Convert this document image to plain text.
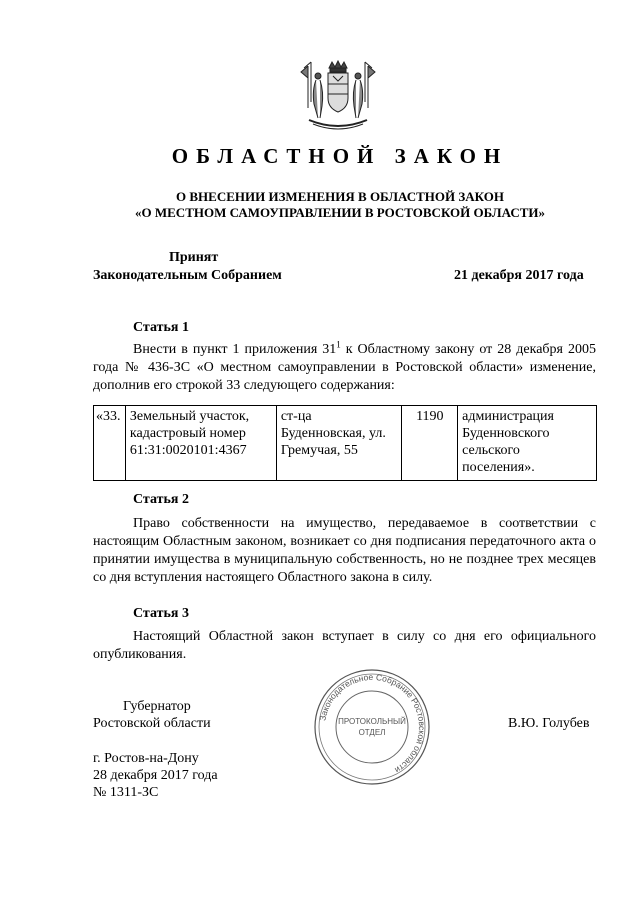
ОБЛАСТНОЙ ЗАКОН
О ВНЕСЕНИИ ИЗМЕНЕНИЯ В ОБЛАСТНОЙ ЗАКОН
«О МЕСТНОМ САМОУПРАВЛЕНИИ В РОСТОВСКОЙ ОБЛАСТИ»
Принят
Законодательным Собранием	21 декабря 2017 года
Статья 1
Внести в пункт 1 приложения $31^1$ к Областному закону от 28 декабря 2005 года № 436-ЗС «О местном самоуправлении в Ростовской области» изменение, дополнив его строкой 33 следующего содержания:
«33.	Земельный участок, кадастровый номер 61:31:0020101:4367	ст-ца Буденновская, ул. Гремучая, 55	1190	администрация Буденновского сельского поселения».
Статья 2
Право собственности на имущество, передаваемое в соответствии с настоящим Областным законом, возникает со дня подписания передаточного акта о принятии имущества в муниципальную собственность, но не позднее трех месяцев со дня вступления настоящего Областного закона в силу.
Статья 3
Настоящий Областной закон вступает в силу со дня его официального опубликования.
Губернатор
Ростовской области	В.Ю. Голубев
Законодательное Собрание Ростовской области
ПРОТОКОЛЬНЫЙ
ОТДЕЛ
г. Ростов-на-Дону
28 декабря 2017 года
№ 1311-ЗС
